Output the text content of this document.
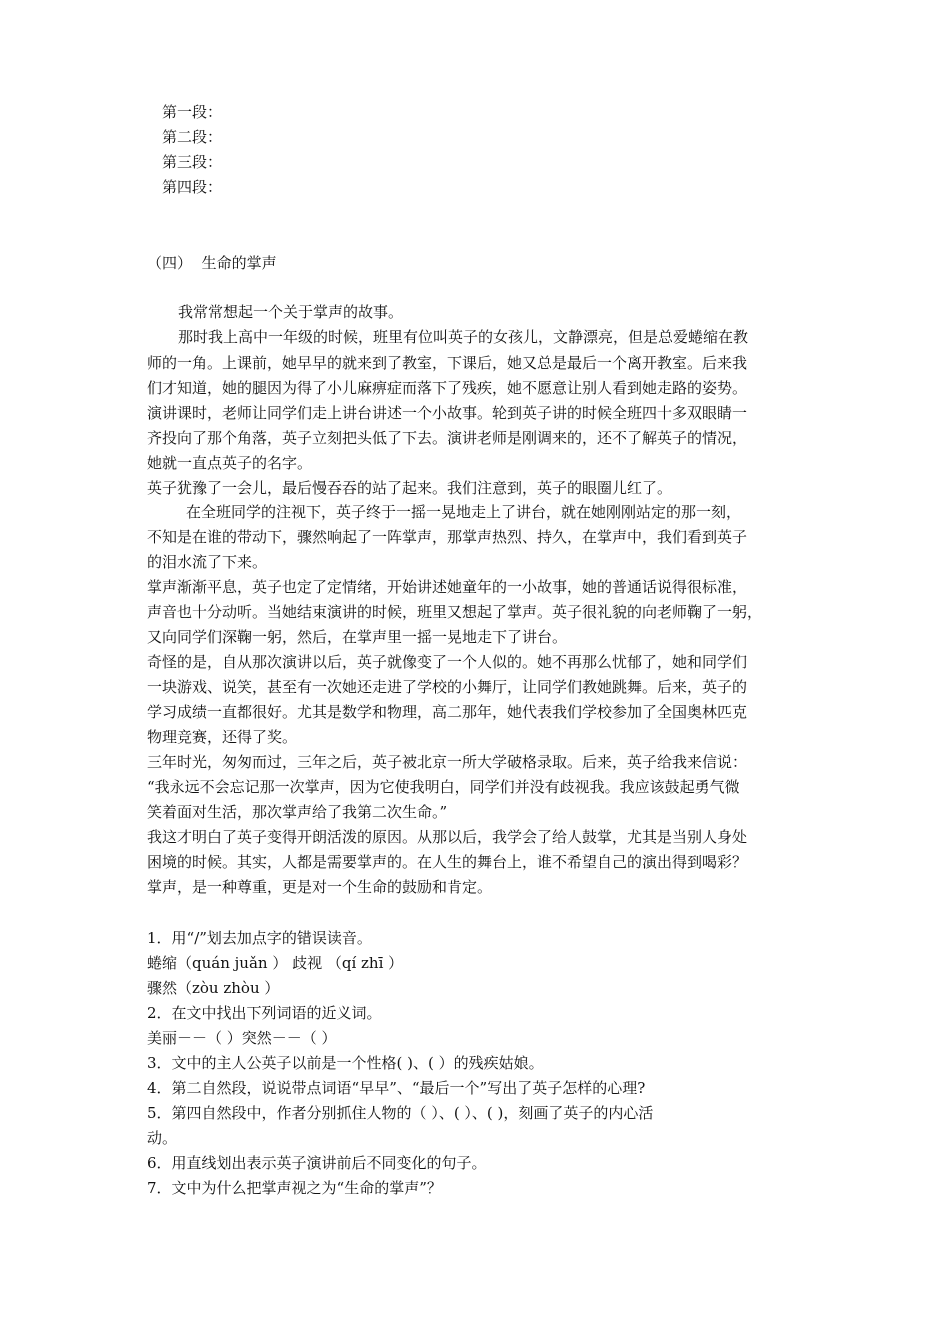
第一段：
第二段：
第三段：
第四段：
（四） 生命的掌声
我常常想起一个关于掌声的故事。
那时我上高中一年级的时候，班里有位叫英子的女孩儿，文静漂亮，但是总爱蜷缩在教
师的一角。上课前，她早早的就来到了教室，下课后，她又总是最后一个离开教室。后来我
们才知道，她的腿因为得了小儿麻痹症而落下了残疾，她不愿意让别人看到她走路的姿势。
演讲课时，老师让同学们走上讲台讲述一个小故事。轮到英子讲的时候全班四十多双眼睛一
齐投向了那个角落，英子立刻把头低了下去。演讲老师是刚调来的，还不了解英子的情况，
她就一直点英子的名字。
英子犹豫了一会儿，最后慢吞吞的站了起来。我们注意到，英子的眼圈儿红了。
在全班同学的注视下，英子终于一摇一晃地走上了讲台，就在她刚刚站定的那一刻，
不知是在谁的带动下，骤然响起了一阵掌声，那掌声热烈、持久，在掌声中，我们看到英子
的泪水流了下来。
掌声渐渐平息，英子也定了定情绪，开始讲述她童年的一小故事，她的普通话说得很标准，
声音也十分动听。当她结束演讲的时候，班里又想起了掌声。英子很礼貌的向老师鞠了一躬，
又向同学们深鞠一躬，然后，在掌声里一摇一晃地走下了讲台。
奇怪的是，自从那次演讲以后，英子就像变了一个人似的。她不再那么忧郁了，她和同学们
一块游戏、说笑，甚至有一次她还走进了学校的小舞厅，让同学们教她跳舞。后来，英子的
学习成绩一直都很好。尤其是数学和物理，高二那年，她代表我们学校参加了全国奥林匹克
物理竞赛，还得了奖。
三年时光，匆匆而过，三年之后，英子被北京一所大学破格录取。后来，英子给我来信说：
“我永远不会忘记那一次掌声，因为它使我明白，同学们并没有歧视我。我应该鼓起勇气微
笑着面对生活，那次掌声给了我第二次生命。”
我这才明白了英子变得开朗活泼的原因。从那以后，我学会了给人鼓掌，尤其是当别人身处
困境的时候。其实，人都是需要掌声的。在人生的舞台上，谁不希望自己的演出得到喝彩？
掌声，是一种尊重，更是对一个生命的鼓励和肯定。
1．用“/”划去加点字的错误读音。
蜷缩（quán juǎn ） 歧视 （qí zhī ）
骤然（zòu zhòu ）
2．在文中找出下列词语的近义词。
美丽－－（ ）突然－－（ ）
3．文中的主人公英子以前是一个性格( )、( ）的残疾姑娘。
4．第二自然段，说说带点词语“早早”、“最后一个”写出了英子怎样的心理?
5．第四自然段中，作者分别抓住人物的（ ）、( ）、( )，刻画了英子的内心活
动。
6．用直线划出表示英子演讲前后不同变化的句子。
7．文中为什么把掌声视之为“生命的掌声”？
